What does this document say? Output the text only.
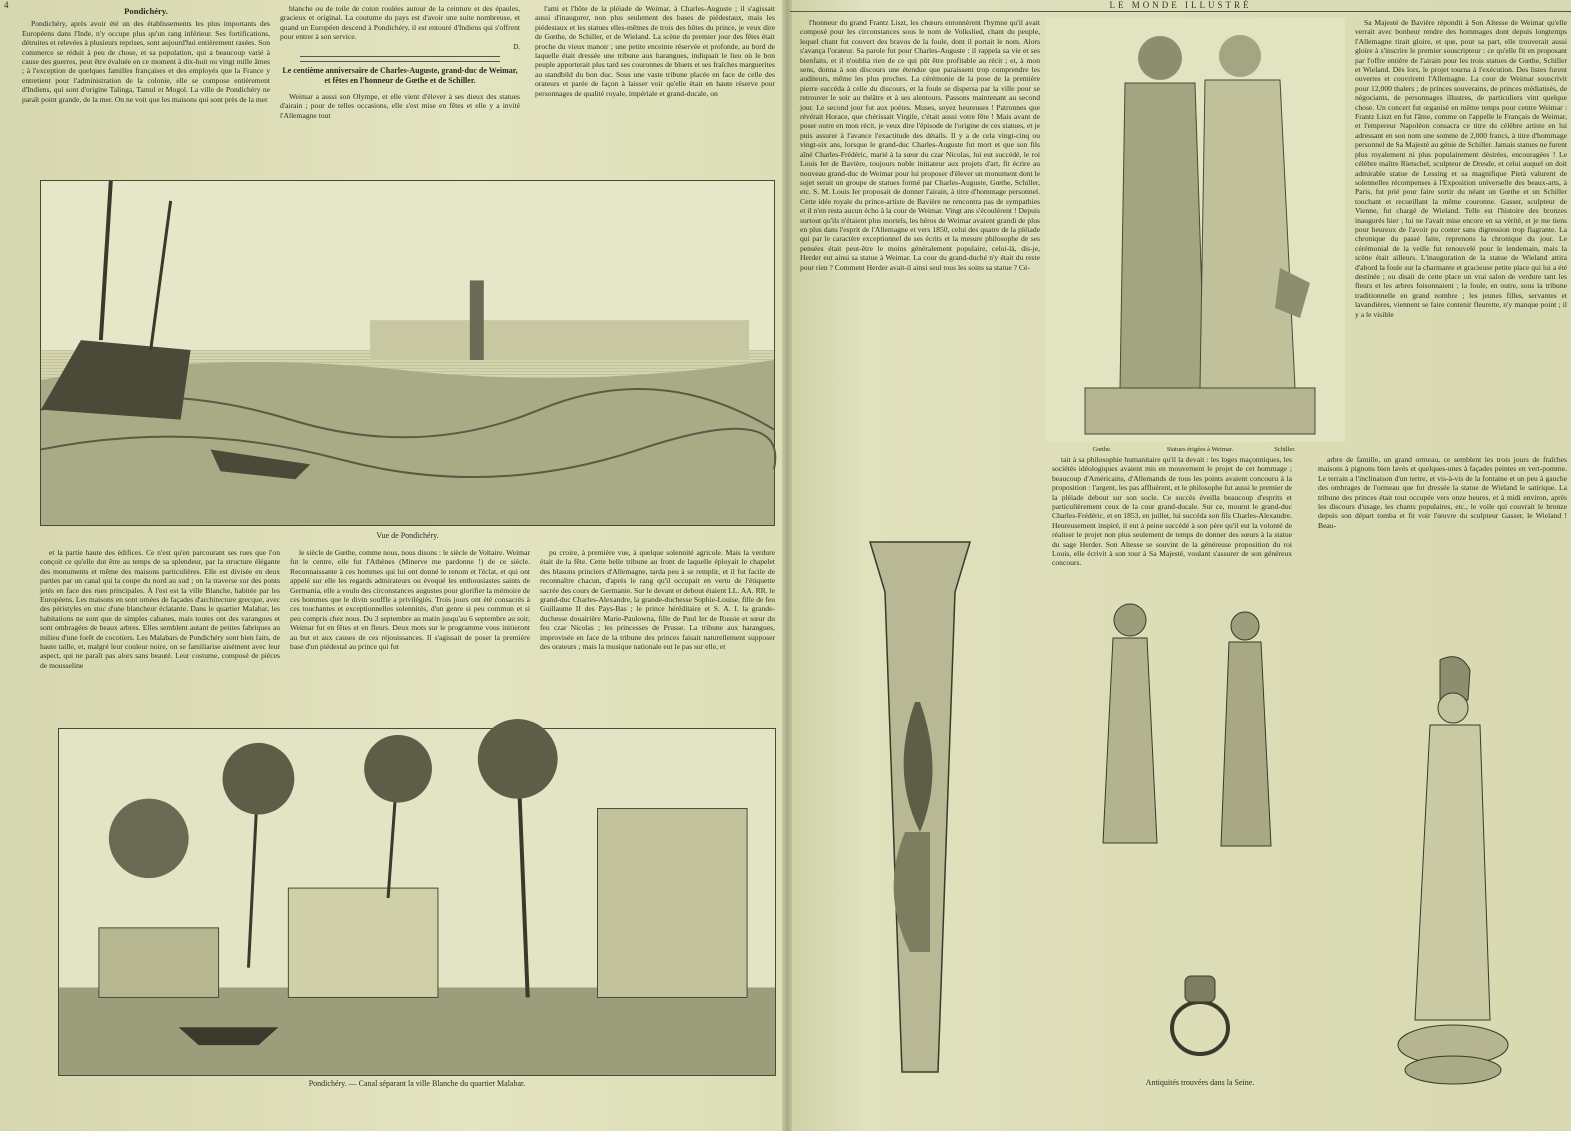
4
Pondichéry.

Pondichéry, après avoir été un des établissements les plus importants des Européens dans l'Inde, n'y occupe plus qu'un rang inférieur. Ses fortifications, détruites et relevées à plusieurs reprises, sont aujourd'hui entièrement rasées. Son commerce se réduit à peu de chose, et sa population, qui a beaucoup varié à cause des guerres, peut être évaluée en ce moment à dix-huit ou vingt mille âmes ; à l'exception de quelques familles françaises et des employés que la France y entretient pour l'administration de la colonie, elle se compose entièrement d'Indiens, qui sont d'origine Talinga, Tamul et Mogol. La ville de Pondichéry ne paraît point grande, de la mer. On ne voit que les maisons qui sont près de la mer

blanche ou de toile de coton roulées autour de la ceinture et des épaules, gracieux et original. La coutume du pays est d'avoir une suite nombreuse, et quand un Européen descend à Pondichéry, il est entouré d'Indiens qui s'offrent pour entrer à son service.

D.
Le centième anniversaire de Charles-Auguste, grand-duc de Weimar, et fêtes en l'honneur de Gœthe et de Schiller.

Weimar a aussi son Olympe, et elle vient d'élever à ses dieux des statues d'airain ; pour de telles occasions, elle s'est mise en fêtes et elle y a invité l'Allemagne tout

l'ami et l'hôte de la pléiade de Weimar, à Charles-Auguste ; il s'agissait aussi d'inaugurer, non plus seulement des bases de piédestaux, mais les piédestaux et les statues elles-mêmes de trois des hôtes du prince, je veux dire de Gœthe, de Schiller, et de Wieland. La scène du premier jour des fêtes était proche du vieux manoir ; une petite enceinte réservée et profonde, au bord de laquelle était dressée une tribune aux harangues, indiquait le lieu où le bon peuple apporterait plus tard ses couronnes de bluets et ses fraîches marguerites au standbild du bon duc. Sous une vaste tribune placée en face de celle des orateurs et parée de façon à laisser voir qu'elle était en haute réserve pour personnages de qualité royale, impériale et grand-ducale, on

Vue de Pondichéry.

et la partie haute des édifices. Ce n'est qu'en parcourant ses rues que l'on conçoit ce qu'elle dut être au temps de sa splendeur, par la structure élégante des monuments et même des maisons particulières. Elle est divisée en deux parties par un canal qui la coupe du nord au sud ; on la traverse sur des ponts jetés en face des rues principales. À l'est est la ville Blanche, habitée par les Européens. Les maisons en sont ornées de façades d'architecture grecque, avec des péristyles en stuc d'une blancheur éclatante. Dans le quartier Malabar, les habitations ne sont que de simples cabanes, mais toutes ont des varangues et sont ombragées de beaux arbres. Elles semblent autant de petites fabriques au milieu d'une forêt de cocotiers. Les Malabars de Pondichéry sont bien faits, de haute taille, et, malgré leur couleur noire, on se familiarise aisément avec leur aspect, qui ne paraît pas alors sans beauté. Leur costume, composé de pièces de mousseline

le siècle de Gœthe, comme nous, nous disons : le siècle de Voltaire. Weimar fut le centre, elle fut l'Athènes (Minerve me pardonne !) de ce siècle. Reconnaissante à ces hommes qui lui ont donné le renom et l'éclat, et qui ont appelé sur elle les regards admirateurs ou évoqué les enthousiastes saints de Germania, elle a voulu des circonstances augustes pour glorifier la mémoire de ces hommes que le divin souffle a privilégiés. Trois jours ont été consacrés à ces touchantes et exceptionnelles solennités, d'un genre si peu commun et si peu compris chez nous. Du 3 septembre au matin jusqu'au 6 septembre au soir, Weimar fut en fêtes et en fleurs. Deux mots sur le programme vous initieront au but et aux causes de ces réjouissances. Il s'agissait de poser la première base d'un piédestal au prince qui fut

pu croire, à première vue, à quelque solennité agricole. Mais la verdure était de la fête. Cette belle tribune au front de laquelle éployait le chapelet des blasons princiers d'Allemagne, tarda peu à se remplir, et il fut facile de reconnaître chacun, d'après le rang qu'il occupait en vertu de l'étiquette sacrée des cours de Germanie. Sur le devant et debout étaient LL. AA. RR. le grand-duc Charles-Alexandre, la grande-duchesse Sophie-Louise, fille de feu Guillaume II des Pays-Bas ; le prince héréditaire et S. A. I. la grande-duchesse douairière Marie-Paulowna, fille de Paul Ier de Russie et sœur du feu czar Nicolas ; les princesses de Prusse. La tribune aux harangues, improvisée en face de la tribune des princes faisait naturellement supposer des orateurs ; mais la musique nationale eut le pas sur elle, et

Pondichéry. — Canal séparant la ville Blanche du quartier Malabar.
LE MONDE ILLUSTRÉ

l'honneur du grand Frantz Liszt, les chœurs entonnèrent l'hymne qu'il avait composé pour les circonstances sous le nom de Volkslied, chant du peuple, lequel chant fut couvert des bravos de la foule, dont il portait le nom. Alors s'avança l'orateur. Sa parole fut pour Charles-Auguste : il rappela sa vie et ses bienfaits, et il n'oublia rien de ce qui pût être profitable au récit ; et, à mon sens, donna à son discours une étendue que paraissent trop comprendre les auditeurs, même les plus proches. La cérémonie de la pose de la première pierre succéda à celle du discours, et la foule se dispersa par la ville pour se retrouver le soir au théâtre et à ses alentours. Passons maintenant au second jour. Le second jour fut aux poètes. Muses, soyez heureuses ! Patronnes que révérait Horace, que chérissait Virgile, c'était aussi votre fête ! Mais avant de poser outre en mon récit, je veux dire l'épisode de l'origine de ces statues, et je puis assurer à l'avance l'exactitude des détails. Il y a de cela vingt-cinq ou vingt-six ans, lorsque le grand-duc Charles-Auguste fut mort et que son fils aîné Charles-Frédéric, marié à la sœur du czar Nicolas, lui eut succédé, le roi Louis Ier de Bavière, toujours noble initiateur aux projets d'art, fit écrire au nouveau grand-duc de Weimar pour lui proposer d'élever un monument dont le sujet serait un groupe de statues formé par Charles-Auguste, Gœthe, Schiller, etc. S. M. Louis Ier proposait de donner l'airain, à titre d'hommage personnel. Cette idée royale du prince-artiste de Bavière ne rencontra pas de sympathies et il n'en resta aucun écho à la cour de Weimar. Vingt ans s'écoulèrent ! Depuis surtout qu'ils n'étaient plus mortels, les héros de Weimar avaient grandi de plus en plus dans l'esprit de l'Allemagne et vers 1850, celui des quatre de la pléiade qui par le caractère exceptionnel de ses écrits et la mesure philosophe de ses pensées était peut-être le moins généralement populaire, celui-là, dis-je, Herder eut ainsi sa statue à Weimar. La cour du grand-duché n'y était du reste pour rien ? Comment Herder avait-il ainsi seul tous les soins sa statue ? Cé-

Gœthe.	Statues érigées à Weimar.	Schiller.

tait à sa philosophie humanitaire qu'il la devait : les loges maçonniques, les sociétés idéologiques avaient mis en mouvement le projet de cet hommage ; beaucoup d'Américains, d'Allemands de tous les points avaient concouru à la proposition : l'argent, les pas affluèrent, et le philosophe fut aussi le premier de la pléiade debout sur son socle. Ce succès éveilla beaucoup d'esprits et particulièrement ceux de la cour grand-ducale. Sur ce, mourut le grand-duc Charles-Frédéric, et en 1853, en juillet, lui succéda son fils Charles-Alexandre. Heureusement inspiré, il eut à peine succédé à son père qu'il eut la volonté de réaliser le projet non plus seulement de temps de donner des sœurs à la statue du sage Herder. Son Altesse se souvint de la généreuse proposition du roi Louis, elle écrivit à son tour à Sa Majesté, voulant s'assurer de son généreux concours.

Sa Majesté de Bavière répondit à Son Altesse de Weimar qu'elle verrait avec bonheur rendre des hommages dont depuis longtemps l'Allemagne tirait gloire, et que, pour sa part, elle trouverait aussi gloire à s'inscrire le premier souscripteur : ce qu'elle fit en proposant par l'offre entière de l'airain pour les trois statues de Gœthe, Schiller et Wieland. Dès lors, le projet tourna à l'exécution. Des listes furent ouvertes et couvrirent l'Allemagne. La cour de Weimar souscrivit pour 12,000 thalers ; de princes souverains, de princes médiatisés, de négociants, de personnages illustres, de particuliers vint quelque chose. Un concert fut organisé en même temps pour centre Weimar : Frantz Liszt en fut l'âme, comme on l'appelle le Français de Weimar, et l'empereur Napoléon consacra ce titre du célèbre artiste en lui adressant en son nom une somme de 2,000 francs, à titre d'hommage personnel de Sa Majesté au génie de Schiller. Jamais statues ne furent plus royalement ni plus populairement désirées, encouragées ! Le célèbre maître Rietschel, sculpteur de Dresde, et celui auquel on doit admirable statue de Lessing et sa magnifique Pietà valurent de solennelles récompenses à l'Exposition universelle des beaux-arts, à Paris, fut prié pour faire sortir du néant un Gœthe et un Schiller touchant et recueillant la même couronne. Gasser, sculpteur de Vienne, fut chargé de Wieland. Telle est l'histoire des bronzes inaugurés hier ; lui ne l'avait mise encore en sa vérité, et je me tiens pour heureux de l'avoir pu conter sans digression trop flagrante. La chronique du passé faite, reprenons la chronique du jour. Le cérémonial de la veille fut renouvelé pour le lendemain, mais la scène était ailleurs. L'inauguration de la statue de Wieland attira d'abord la foule sur la charmante et gracieuse petite place qui lui a été destinée ; ou disait de cette place un vrai salon de verdure tant les fleurs et les arbres foisonnaient ; la foule, en outre, sous la tribune traditionnelle en grand nombre ; les jeunes filles, servantes et lavandières, viennent se faire contenir fleurette, n'y manque point ; il y a le visible

arbre de famille, un grand ormeau, ce semblent les trois jours de fraîches maisons à pignons bien lavés et quelques-unes à façades peintes en vert-pomme. Le terrain a l'inclinaison d'un tertre, et vis-à-vis de la fontaine et un peu à gauche des ombrages de l'ormeau que fut dressée la statue de Wieland le satirique. La tribune des princes était tout occupée vers onze heures, et à midi environ, après les discours d'usage, les chants populaires, etc., le voile qui couvrait le bronze depuis son départ tomba et fit voir l'œuvre du sculpteur Gasser, le Wieland ! Beau-

Antiquités trouvées dans la Seine.
